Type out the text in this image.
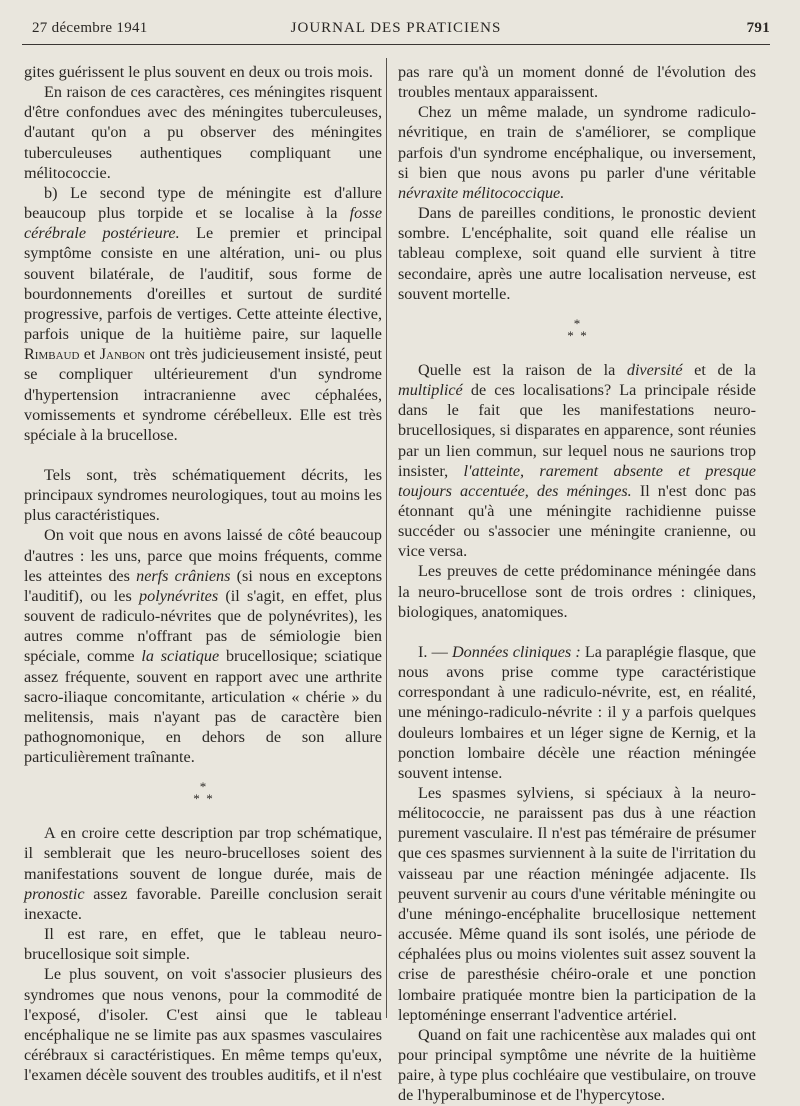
27 décembre 1941	JOURNAL DES PRATICIENS	791

gites guérissent le plus souvent en deux ou trois mois.

En raison de ces caractères, ces méningites risquent d'être confondues avec des méningites tuberculeuses, d'autant qu'on a pu observer des méningites tuberculeuses authentiques compliquant une mélitococcie.

b) Le second type de méningite est d'allure beaucoup plus torpide et se localise à la fosse cérébrale postérieure. Le premier et principal symptôme consiste en une altération, uni- ou plus souvent bilatérale, de l'auditif, sous forme de bourdonnements d'oreilles et surtout de surdité progressive, parfois de vertiges. Cette atteinte élective, parfois unique de la huitième paire, sur laquelle Rimbaud et Janbon ont très judicieusement insisté, peut se compliquer ultérieurement d'un syndrome d'hypertension intracranienne avec céphalées, vomissements et syndrome cérébelleux. Elle est très spéciale à la brucellose.

Tels sont, très schématiquement décrits, les principaux syndromes neurologiques, tout au moins les plus caractéristiques.

On voit que nous en avons laissé de côté beaucoup d'autres : les uns, parce que moins fréquents, comme les atteintes des nerfs crâniens (si nous en exceptons l'auditif), ou les polynévrites (il s'agit, en effet, plus souvent de radiculo-névrites que de polynévrites), les autres comme n'offrant pas de sémiologie bien spéciale, comme la sciatique brucellosique; sciatique assez fréquente, souvent en rapport avec une arthrite sacro-iliaque concomitante, articulation « chérie » du melitensis, mais n'ayant pas de caractère bien pathognomonique, en dehors de son allure particulièrement traînante.

*
* *

A en croire cette description par trop schématique, il semblerait que les neuro-brucelloses soient des manifestations souvent de longue durée, mais de pronostic assez favorable. Pareille conclusion serait inexacte.

Il est rare, en effet, que le tableau neuro-brucellosique soit simple.

Le plus souvent, on voit s'associer plusieurs des syndromes que nous venons, pour la commodité de l'exposé, d'isoler. C'est ainsi que le tableau encéphalique ne se limite pas aux spasmes vasculaires cérébraux si caractéristiques. En même temps qu'eux, l'examen décèle souvent des troubles auditifs, et il n'est

pas rare qu'à un moment donné de l'évolution des troubles mentaux apparaissent.

Chez un même malade, un syndrome radiculo-névritique, en train de s'améliorer, se complique parfois d'un syndrome encéphalique, ou inversement, si bien que nous avons pu parler d'une véritable névraxite mélitococcique.

Dans de pareilles conditions, le pronostic devient sombre. L'encéphalite, soit quand elle réalise un tableau complexe, soit quand elle survient à titre secondaire, après une autre localisation nerveuse, est souvent mortelle.

*
* *

Quelle est la raison de la diversité et de la multiplicé de ces localisations? La principale réside dans le fait que les manifestations neuro-brucellosiques, si disparates en apparence, sont réunies par un lien commun, sur lequel nous ne saurions trop insister, l'atteinte, rarement absente et presque toujours accentuée, des méninges. Il n'est donc pas étonnant qu'à une méningite rachidienne puisse succéder ou s'associer une méningite cranienne, ou vice versa.

Les preuves de cette prédominance méningée dans la neuro-brucellose sont de trois ordres : cliniques, biologiques, anatomiques.

I. — Données cliniques : La paraplégie flasque, que nous avons prise comme type caractéristique correspondant à une radiculo-névrite, est, en réalité, une méningo-radiculo-névrite : il y a parfois quelques douleurs lombaires et un léger signe de Kernig, et la ponction lombaire décèle une réaction méningée souvent intense.

Les spasmes sylviens, si spéciaux à la neuro-mélitococcie, ne paraissent pas dus à une réaction purement vasculaire. Il n'est pas téméraire de présumer que ces spasmes surviennent à la suite de l'irritation du vaisseau par une réaction méningée adjacente. Ils peuvent survenir au cours d'une véritable méningite ou d'une méningo-encéphalite brucellosique nettement accusée. Même quand ils sont isolés, une période de céphalées plus ou moins violentes suit assez souvent la crise de paresthésie chéiro-orale et une ponction lombaire pratiquée montre bien la participation de la leptoméninge enserrant l'adventice artériel.

Quand on fait une rachicentèse aux malades qui ont pour principal symptôme une névrite de la huitième paire, à type plus cochléaire que vestibulaire, on trouve de l'hyperalbuminose et de l'hypercytose.
